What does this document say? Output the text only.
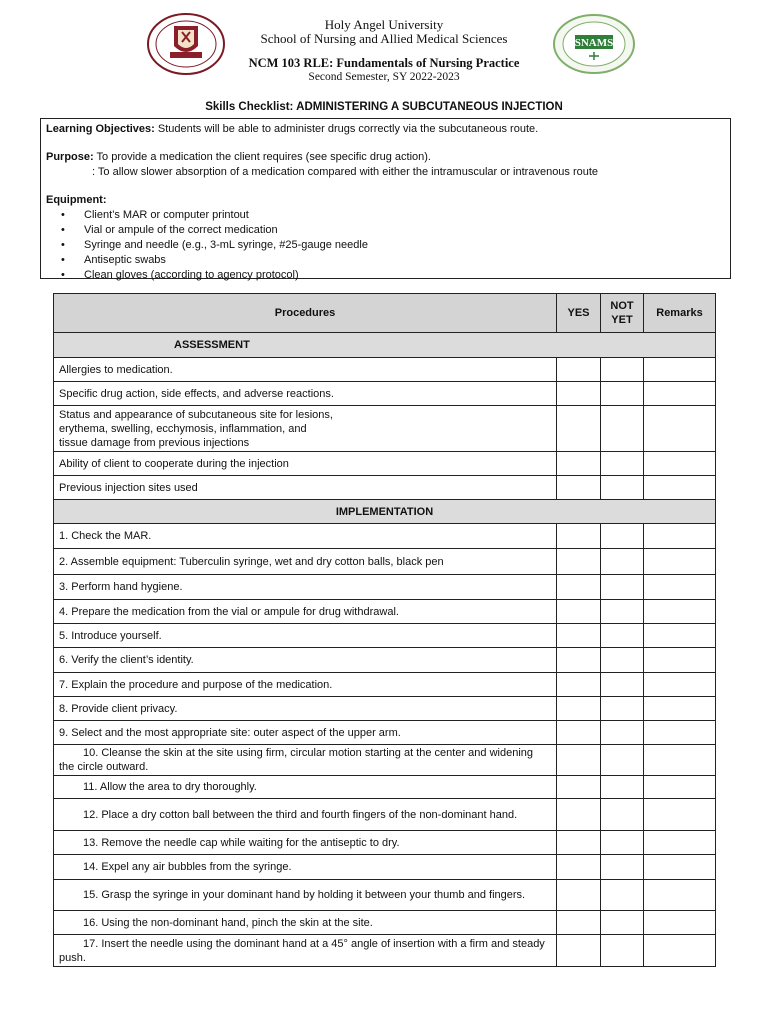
SNAMS
Holy Angel University
School of Nursing and Allied Medical Sciences
NCM 103 RLE: Fundamentals of Nursing Practice
Second Semester, SY 2022-2023
Skills Checklist: ADMINISTERING A SUBCUTANEOUS INJECTION
Learning Objectives: Students will be able to administer drugs correctly via the subcutaneous route.
Purpose: To provide a medication the client requires (see specific drug action).
: To allow slower absorption of a medication compared with either the intramuscular or intravenous route
Equipment:
• Client’s MAR or computer printout
• Vial or ampule of the correct medication
• Syringe and needle (e.g., 3-mL syringe, #25-gauge needle
• Antiseptic swabs
• Clean gloves (according to agency protocol)
Procedures	YES	NOT YET	Remarks
ASSESSMENT			
Allergies to medication.			
Specific drug action, side effects, and adverse reactions.			
Status and appearance of subcutaneous site for lesions,
erythema, swelling, ecchymosis, inflammation, and
tissue damage from previous injections			
Ability of client to cooperate during the injection			
Previous injection sites used			
IMPLEMENTATION			
1. Check the MAR.			
2. Assemble equipment: Tuberculin syringe, wet and dry cotton balls, black pen			
3. Perform hand hygiene.			
4. Prepare the medication from the vial or ampule for drug withdrawal.			
5. Introduce yourself.			
6. Verify the client’s identity.			
7. Explain the procedure and purpose of the medication.			
8. Provide client privacy.			
9. Select and the most appropriate site: outer aspect of the upper arm.			
10. Cleanse the skin at the site using firm, circular motion starting at the center and widening the circle outward.			
11. Allow the area to dry thoroughly.			
12. Place a dry cotton ball between the third and fourth fingers of the non-dominant hand.			
13. Remove the needle cap while waiting for the antiseptic to dry.			
14. Expel any air bubbles from the syringe.			
15. Grasp the syringe in your dominant hand by holding it between your thumb and fingers.			
16. Using the non-dominant hand, pinch the skin at the site.			
17. Insert the needle using the dominant hand at a 45° angle of insertion with a firm and steady push.			
